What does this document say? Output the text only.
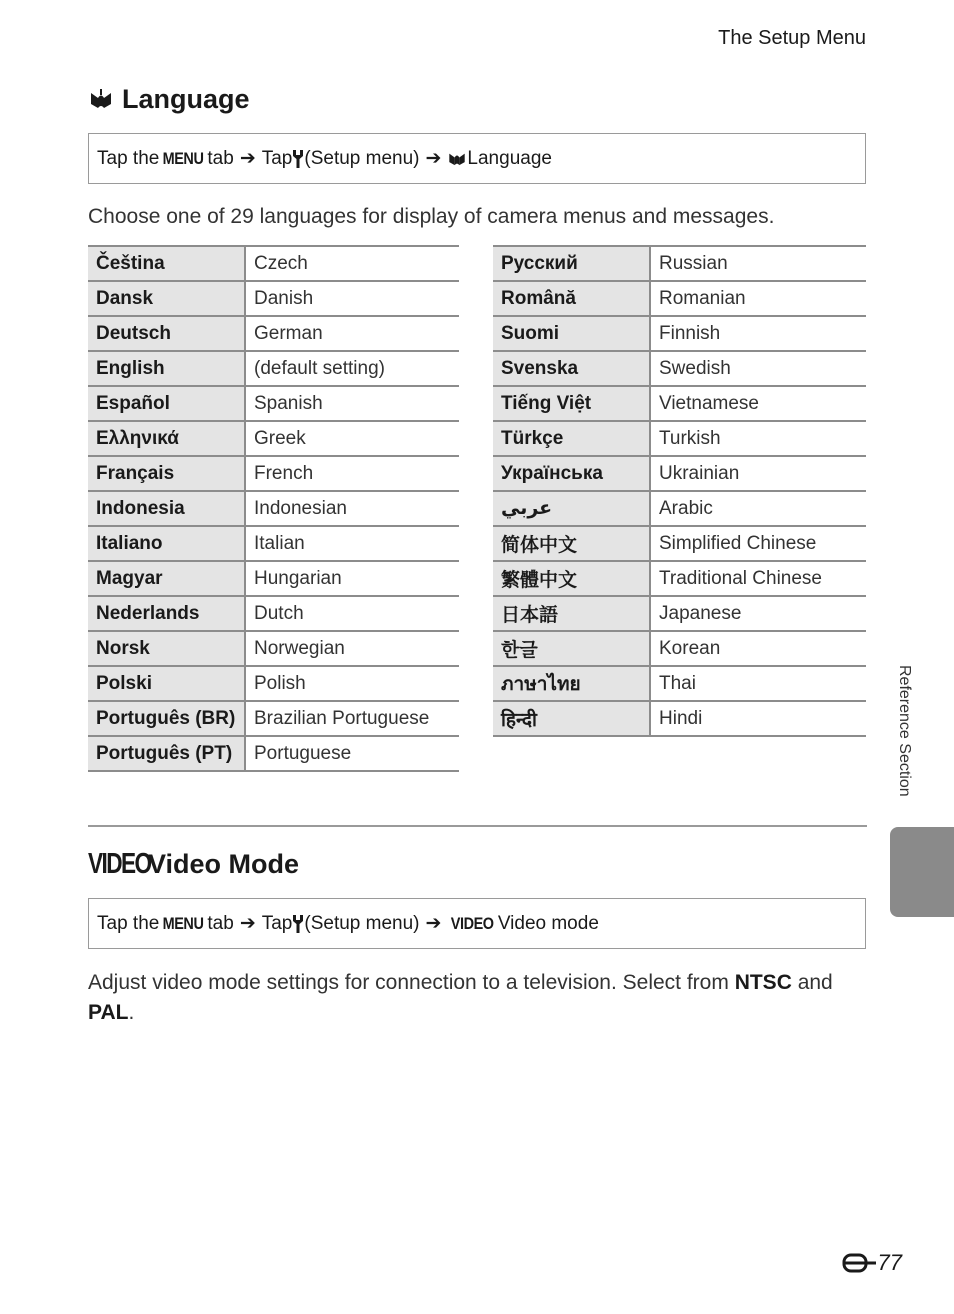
The Setup Menu
Language
Tap the MENU tab ➔ Tap (Setup menu) ➔ Language
Choose one of 29 languages for display of camera menus and messages.
Čeština	Czech
Dansk	Danish
Deutsch	German
English	(default setting)
Español	Spanish
Ελληνικά	Greek
Français	French
Indonesia	Indonesian
Italiano	Italian
Magyar	Hungarian
Nederlands	Dutch
Norsk	Norwegian
Polski	Polish
Português (BR)	Brazilian Portuguese
Português (PT)	Portuguese
Русский	Russian
Română	Romanian
Suomi	Finnish
Svenska	Swedish
Tiếng Việt	Vietnamese
Türkçe	Turkish
Українська	Ukrainian
عربي	Arabic
简体中文	Simplified Chinese
繁體中文	Traditional Chinese
日本語	Japanese
한글	Korean
ภาษาไทย	Thai
हिन्दी	Hindi
VIDEO
Video Mode
Tap the MENU tab ➔ Tap (Setup menu) ➔ VIDEO Video mode
Adjust video mode settings for connection to a television. Select from NTSC and PAL.
Reference Section
77
